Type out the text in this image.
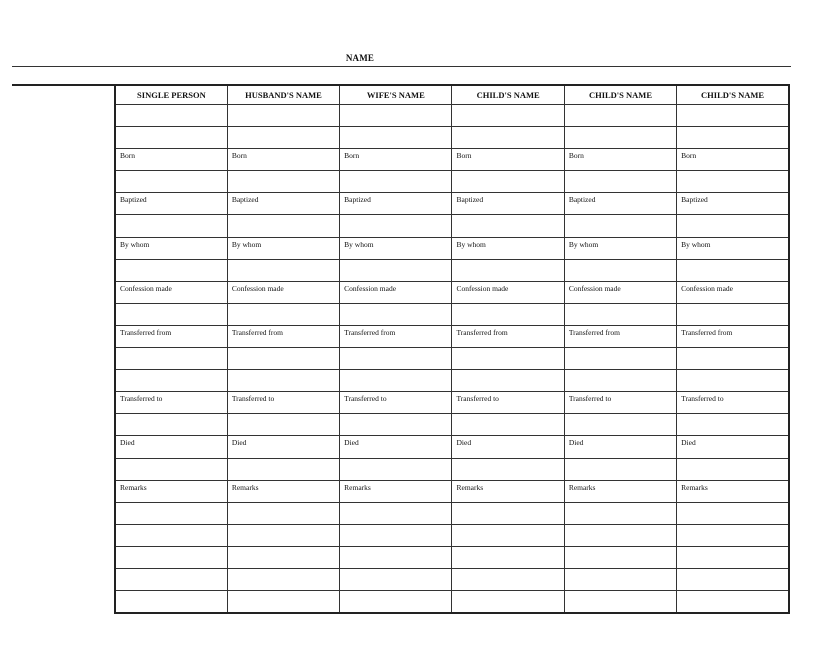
NAME
SINGLE PERSON	HUSBAND'S NAME	WIFE'S NAME	CHILD'S NAME	CHILD'S NAME	CHILD'S NAME

Born	Born	Born	Born	Born	Born

Baptized	Baptized	Baptized	Baptized	Baptized	Baptized

By whom	By whom	By whom	By whom	By whom	By whom

Confession made	Confession made	Confession made	Confession made	Confession made	Confession made

Transferred from	Transferred from	Transferred from	Transferred from	Transferred from	Transferred from

Transferred to	Transferred to	Transferred to	Transferred to	Transferred to	Transferred to

Died	Died	Died	Died	Died	Died

Remarks	Remarks	Remarks	Remarks	Remarks	Remarks
